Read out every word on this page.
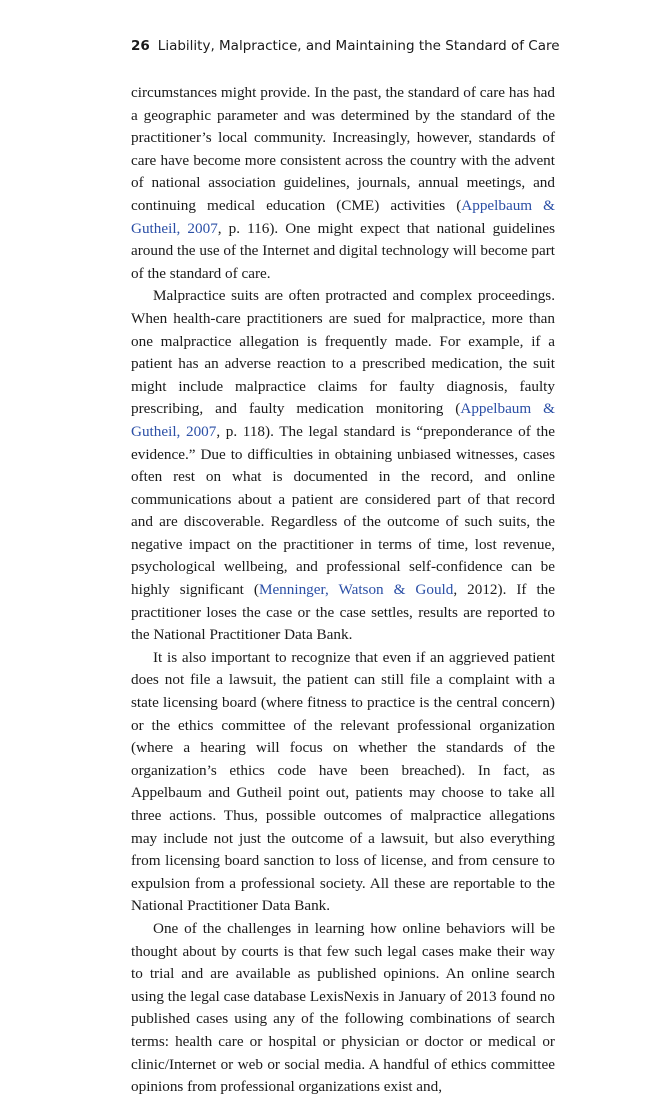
26 Liability, Malpractice, and Maintaining the Standard of Care

circumstances might provide. In the past, the standard of care has had a geographic parameter and was determined by the standard of the practitioner’s local community. Increasingly, however, standards of care have become more consistent across the country with the advent of national association guidelines, journals, annual meetings, and continuing medical education (CME) activities (Appelbaum & Gutheil, 2007, p. 116). One might expect that national guidelines around the use of the Internet and digital technology will become part of the standard of care.

Malpractice suits are often protracted and complex proceedings. When health-care practitioners are sued for malpractice, more than one malpractice allegation is frequently made. For example, if a patient has an adverse reaction to a prescribed medication, the suit might include malpractice claims for faulty diagnosis, faulty prescribing, and faulty medication monitoring (Appelbaum & Gutheil, 2007, p. 118). The legal standard is “preponderance of the evidence.” Due to difficulties in obtaining unbiased witnesses, cases often rest on what is documented in the record, and online communications about a patient are considered part of that record and are discoverable. Regardless of the outcome of such suits, the negative impact on the practitioner in terms of time, lost revenue, psychological wellbeing, and professional self-confidence can be highly significant (Menninger, Watson & Gould, 2012). If the practitioner loses the case or the case settles, results are reported to the National Practitioner Data Bank.

It is also important to recognize that even if an aggrieved patient does not file a lawsuit, the patient can still file a complaint with a state licensing board (where fitness to practice is the central concern) or the ethics committee of the relevant professional organization (where a hearing will focus on whether the standards of the organization’s ethics code have been breached). In fact, as Appelbaum and Gutheil point out, patients may choose to take all three actions. Thus, possible outcomes of malpractice allegations may include not just the outcome of a lawsuit, but also everything from licensing board sanction to loss of license, and from censure to expulsion from a professional society. All these are reportable to the National Practitioner Data Bank.

One of the challenges in learning how online behaviors will be thought about by courts is that few such legal cases make their way to trial and are available as published opinions. An online search using the legal case database LexisNexis in January of 2013 found no published cases using any of the following combinations of search terms: health care or hospital or physician or doctor or medical or clinic/Internet or web or social media. A handful of ethics committee opinions from professional organizations exist and,
